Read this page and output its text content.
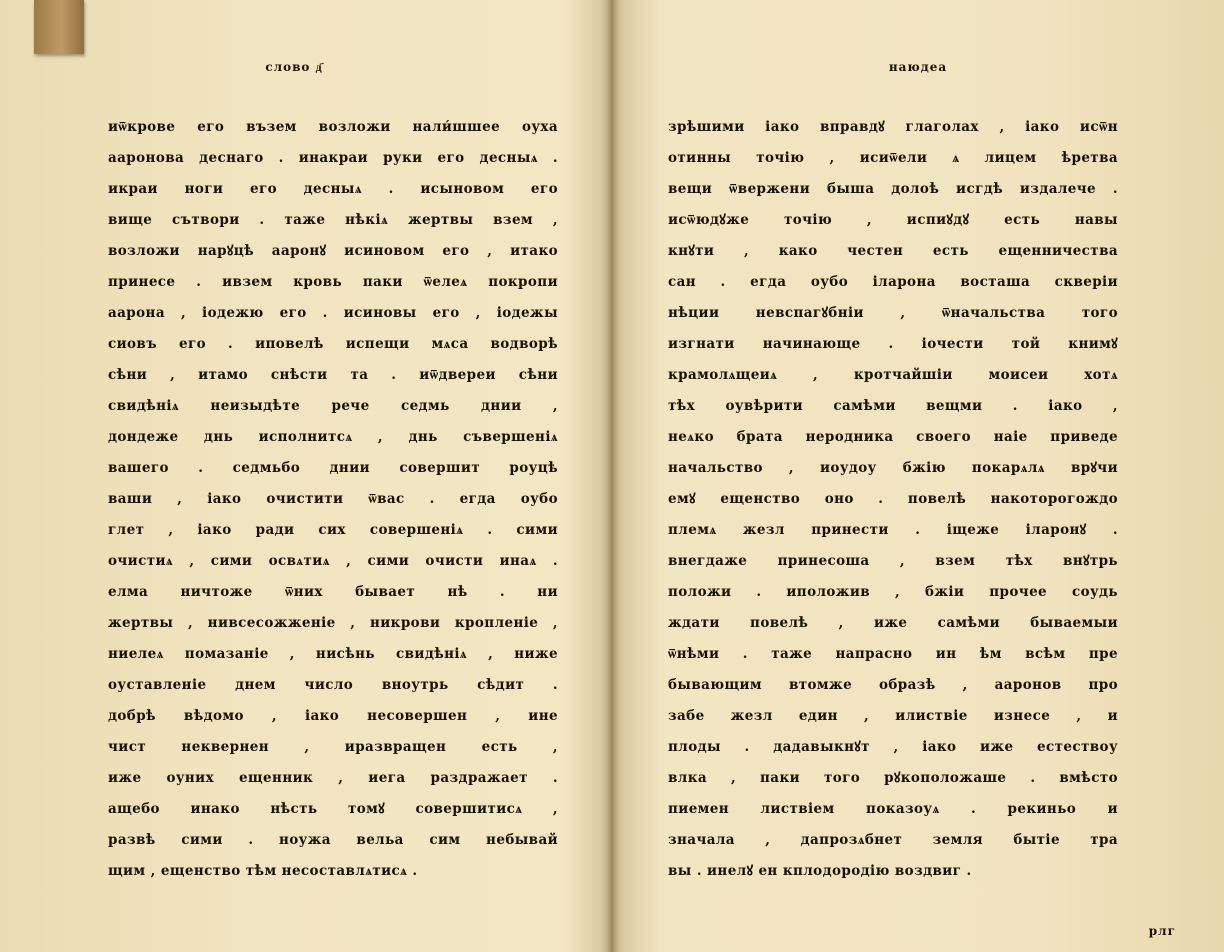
слово д҃
иѿкрове его възем возложи нали́шшее оуха
ааронова деснаго . инакраи руки его десныѧ .
икраи ноги его десныѧ . исыновом его
вище сътвори . таже нѣкіѧ жертвы взем ,
возложи нарꙋцѣ ааронꙋ исиновом его , итако
принесе . ивзем кровь паки ѿелеѧ покропи
аарона , іодежю его . исиновы его , іодежы
сиовъ его . иповелѣ испещи мѧса водворѣ
сѣни , итамо снѣсти та . иѿдвереи сѣни
свидѣніѧ неизыдѣте рече седмь днии ,
дондеже днь исполнитсѧ , днь съвершеніѧ
вашего . седмьбо днии совершит роуцѣ
ваши , іако очистити ѿвас . егда оубо
глет , іако ради сих совершеніѧ . сими
очистиѧ , сими освѧтиѧ , сими очисти инаѧ .
елма ничтоже ѿних бывает нѣ . ни
жертвы , нивсесожженіе , никрови кропленіе ,
ниелеѧ помазаніе , нисѣнь свидѣніѧ , ниже
оуставленіе днем число вноутрь сѣдит .
добрѣ вѣдомо , іако несовершен , ине
чист неквернен , иразвращен есть ,
иже оуних ещенник , иега раздражает .
ащебо инако нѣсть томꙋ совершитисѧ ,
развѣ сими . ноужа вельа сим небывай
щим , ещенство тѣм несоставлѧтисѧ .
наюдеа
зрѣшими іако вправдꙋ глаголах , іако исѿн
отинны точію , исиѿели ѧ лицем ѣретва
вещи ѿвержени быша долоѣ исгдѣ издалече .
исѿюдꙋже точію , испиꙋдꙋ есть навы
кнꙋти , како честен есть ещенничества
сан . егда оубо іларона восташа скверіи
нѣции невспагꙋбніи , ѿначальства того
изгнати начинающе . іочести той книмꙋ
крамолѧщеиѧ , кротчайшіи моисеи хотѧ
тѣх оувѣрити самѣми вещми . іако ,
неѧко брата неродника своего наіе приведе
начальство , иоудоу бжію покарѧлѧ врꙋчи
емꙋ ещенство оно . повелѣ накоторогождо
племѧ жезл принести . іщеже іларонꙋ .
внегдаже принесоша , взем тѣх внꙋтрь
положи . иположив , бжіи прочее соудь
ждати повелѣ , иже самѣми бываемыи
ѿнѣми . таже напрасно ин ѣм всѣм пре
бывающим втомже образѣ , ааронов про
забе жезл един , илиствіе изнесе , и
плоды . дадавыкнꙋт , іако иже естествоу
влка , паки того рꙋкоположаше . вмѣсто
пиемен листвіем показоуѧ . рекиньо и
значала , дапрозѧбнет земля бытіе тра
вы . инелꙋ ен кплодородію воздвиг .
рлг
